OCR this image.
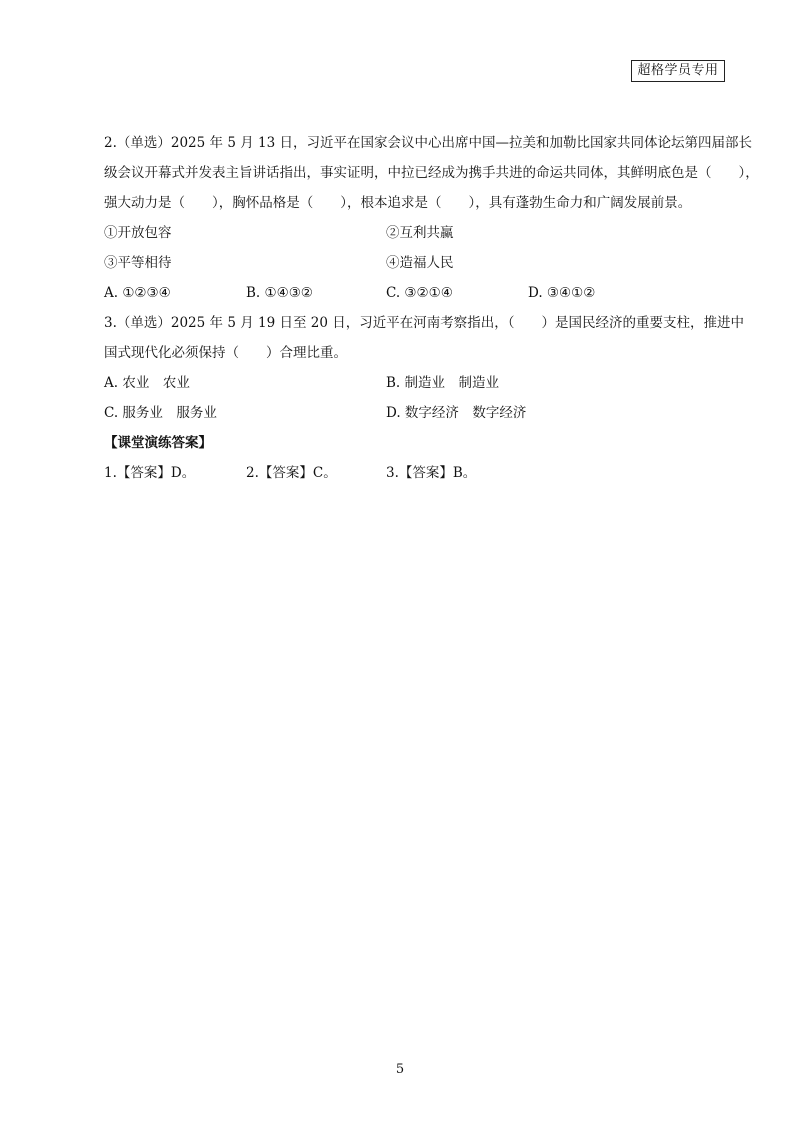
超格学员专用
2.（单选）2025 年 5 月 13 日，习近平在国家会议中心出席中国—拉美和加勒比国家共同体论坛第四届部长
级会议开幕式并发表主旨讲话指出，事实证明，中拉已经成为携手共进的命运共同体，其鲜明底色是（　　），
强大动力是（　　），胸怀品格是（　　），根本追求是（　　），具有蓬勃生命力和广阔发展前景。
①开放包容	②互利共赢
③平等相待	④造福人民
A. ①②③④	B. ①④③②	C. ③②①④	D. ③④①②
3.（单选）2025 年 5 月 19 日至 20 日，习近平在河南考察指出，（　　）是国民经济的重要支柱，推进中
国式现代化必须保持（　　）合理比重。
A. 农业　农业	B. 制造业　制造业
C. 服务业　服务业	D. 数字经济　数字经济
【课堂演练答案】
1.【答案】D。	2.【答案】C。	3.【答案】B。
5
